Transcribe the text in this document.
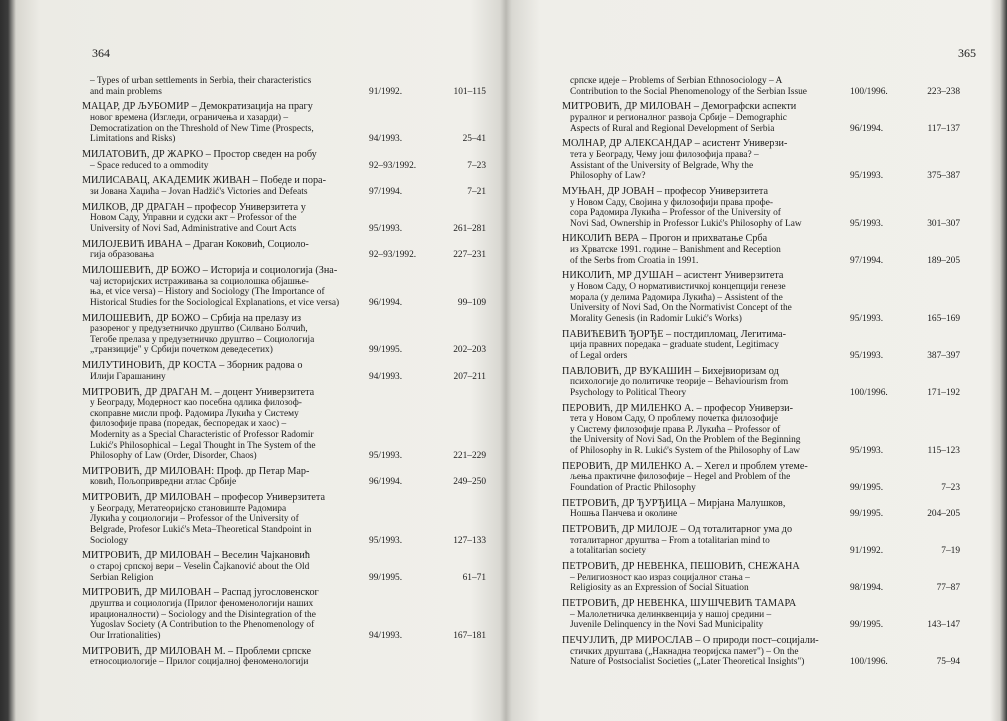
364
– Types of urban settlements in Serbia, their characteristics
and main problems	91/1992.	101–115
МАЦАР, ДР ЉУБОМИР – Демократизација на прагу
новог времена (Изгледи, ограничења и хазарди) –
Democratization on the Threshold of New Time (Prospects,
Limitations and Risks)	94/1993.	25–41
МИЛАТОВИЋ, ДР ЖАРКО – Простор сведен на робу
– Space reduced to a ommodity	92–93/1992.	7–23
МИЛИСАВАЦ, АКАДЕМИК ЖИВАН – Победе и пора-
зи Јована Хаџића – Jovan Hadžić's Victories and Defeats	97/1994.	7–21
МИЛКОВ, ДР ДРАГАН – професор Универзитета у
Новом Саду, Управни и судски акт – Professor of the
University of Novi Sad, Administrative and Court Acts	95/1993.	261–281
МИЛОЈЕВИЋ ИВАНА – Драган Коковић, Социоло-
гија образовања	92–93/1992.	227–231
МИЛОШЕВИЋ, ДР БОЖО – Историја и социологија (Зна-
чај историјских истраживања за социолошка објашње-
ња, et vice versa) – History and Sociology (The Importance of
Historical Studies for the Sociological Explanations, et vice versa)	96/1994.	99–109
МИЛОШЕВИЋ, ДР БОЖО – Србија на прелазу из
разореног у предузетничко друштво (Силвано Болчић,
Тегобе прелаза у предузетничко друштво – Социологија
„транзиције" у Србији почетком деведесетих)	99/1995.	202–203
МИЛУТИНОВИЋ, ДР КОСТА – Зборник радова о
Илији Гарашанину	94/1993.	207–211
МИТРОВИЋ, ДР ДРАГАН М. – доцент Универзитета
у Београду, Модерност као посебна одлика филозоф-
скоправне мисли проф. Радомира Лукића у Систему
филозофије права (поредак, беспоредак и хаос) –
Modernity as a Special Characteristic of Professor Radomir
Lukić's Philosophical – Legal Thought in The System of the
Philosophy of Law (Order, Disorder, Chaos)	95/1993.	221–229
МИТРОВИЋ, ДР МИЛОВАН: Проф. др Петар Мар-
ковић, Пољопривредни атлас Србије	96/1994.	249–250
МИТРОВИЋ, ДР МИЛОВАН – професор Универзитета
у Београду, Метатеоријско становиште Радомира
Лукића у социологији – Professor of the University of
Belgrade, Profesor Lukić's Meta–Theoretical Standpoint in
Sociology	95/1993.	127–133
МИТРОВИЋ, ДР МИЛОВАН – Веселин Чајкановић
о старој српској вери – Veselin Čajkanović about the Old
Serbian Religion	99/1995.	61–71
МИТРОВИЋ, ДР МИЛОВАН – Распад југословенског
друштва и социологија (Прилог феноменологији наших
ирационалности) – Sociology and the Disintegration of the
Yugoslav Society (A Contribution to the Phenomenology of
Our Irrationalities)	94/1993.	167–181
МИТРОВИЋ, ДР МИЛОВАН М. – Проблеми српске
етносоциологије – Прилог социјалној феноменологији
365
српске идеје – Problems of Serbian Ethnosociology – A
Contribution to the Social Phenomenology of the Serbian Issue	100/1996.	223–238
МИТРОВИЋ, ДР МИЛОВАН – Демографски аспекти
руралног и регионалног развоја Србије – Demographic
Aspects of Rural and Regional Development of Serbia	96/1994.	117–137
МОЛНАР, ДР АЛЕКСАНДАР – асистент Универзи-
тета у Београду, Чему још филозофија права? –
Assistant of the University of Belgrade, Why the
Philosophy of Law?	95/1993.	375–387
МУЊАН, ДР ЈОВАН – професор Универзитета
у Новом Саду, Својина у филозофији права профе-
сора Радомира Лукића – Professor of the University of
Novi Sad, Ownership in Professor Lukić's Philosophy of Law	95/1993.	301–307
НИКОЛИЋ ВЕРА – Прогон и прихватање Срба
из Хрватске 1991. године – Banishment and Reception
of the Serbs from Croatia in 1991.	97/1994.	189–205
НИКОЛИЋ, МР ДУШАН – асистент Универзитета
у Новом Саду, О нормативистичкој концепцији генезе
морала (у делима Радомира Лукића) – Assistent of the
University of Novi Sad, On the Normativist Concept of the
Morality Genesis (in Radomir Lukić's Works)	95/1993.	165–169
ПАВИЋЕВИЋ ЂОРЂЕ – постдипломац, Легитима-
ција правних поредака – graduate student, Legitimacy
of Legal orders	95/1993.	387–397
ПАВЛОВИЋ, ДР ВУКАШИН – Бихејвиоризам од
психологије до политичке теорије – Behaviourism from
Psychology to Political Theory	100/1996.	171–192
ПЕРОВИЋ, ДР МИЛЕНКО А. – професор Универзи-
тета у Новом Саду, О проблему почетка филозофије
у Систему филозофије права Р. Лукића – Professor of
the University of Novi Sad, On the Problem of the Beginning
of Philosophy in R. Lukić's System of the Philosophy of Law	95/1993.	115–123
ПЕРОВИЋ, ДР МИЛЕНКО А. – Хегел и проблем утеме-
љења практичне филозофије – Hegel and Problem of the
Foundation of Practic Philosophy	99/1995.	7–23
ПЕТРОВИЋ, ДР ЂУРЂИЦА – Мирјана Малушков,
Ношња Панчева и околине	99/1995.	204–205
ПЕТРОВИЋ, ДР МИЛОЈЕ – Од тоталитарног ума до
тоталитарног друштва – From a totalitarian mind to
a totalitarian society	91/1992.	7–19
ПЕТРОВИЋ, ДР НЕВЕНКА, ПЕШОВИЋ, СНЕЖАНА
– Религиозност као израз социјалног стања –
Religiosity as an Expression of Social Situation	98/1994.	77–87
ПЕТРОВИЋ, ДР НЕВЕНКА, ШУШЧЕВИЋ ТАМАРА
– Малолетничка делинквенција у нашој средини –
Juvenile Delinquency in the Novi Sad Municipality	99/1995.	143–147
ПЕЧУЈЛИЋ, ДР МИРОСЛАВ – О природи пост–социјали-
стичких друштава („Накнадна теоријска памет") – On the
Nature of Postsocialist Societies („Later Theoretical Insights")	100/1996.	75–94
